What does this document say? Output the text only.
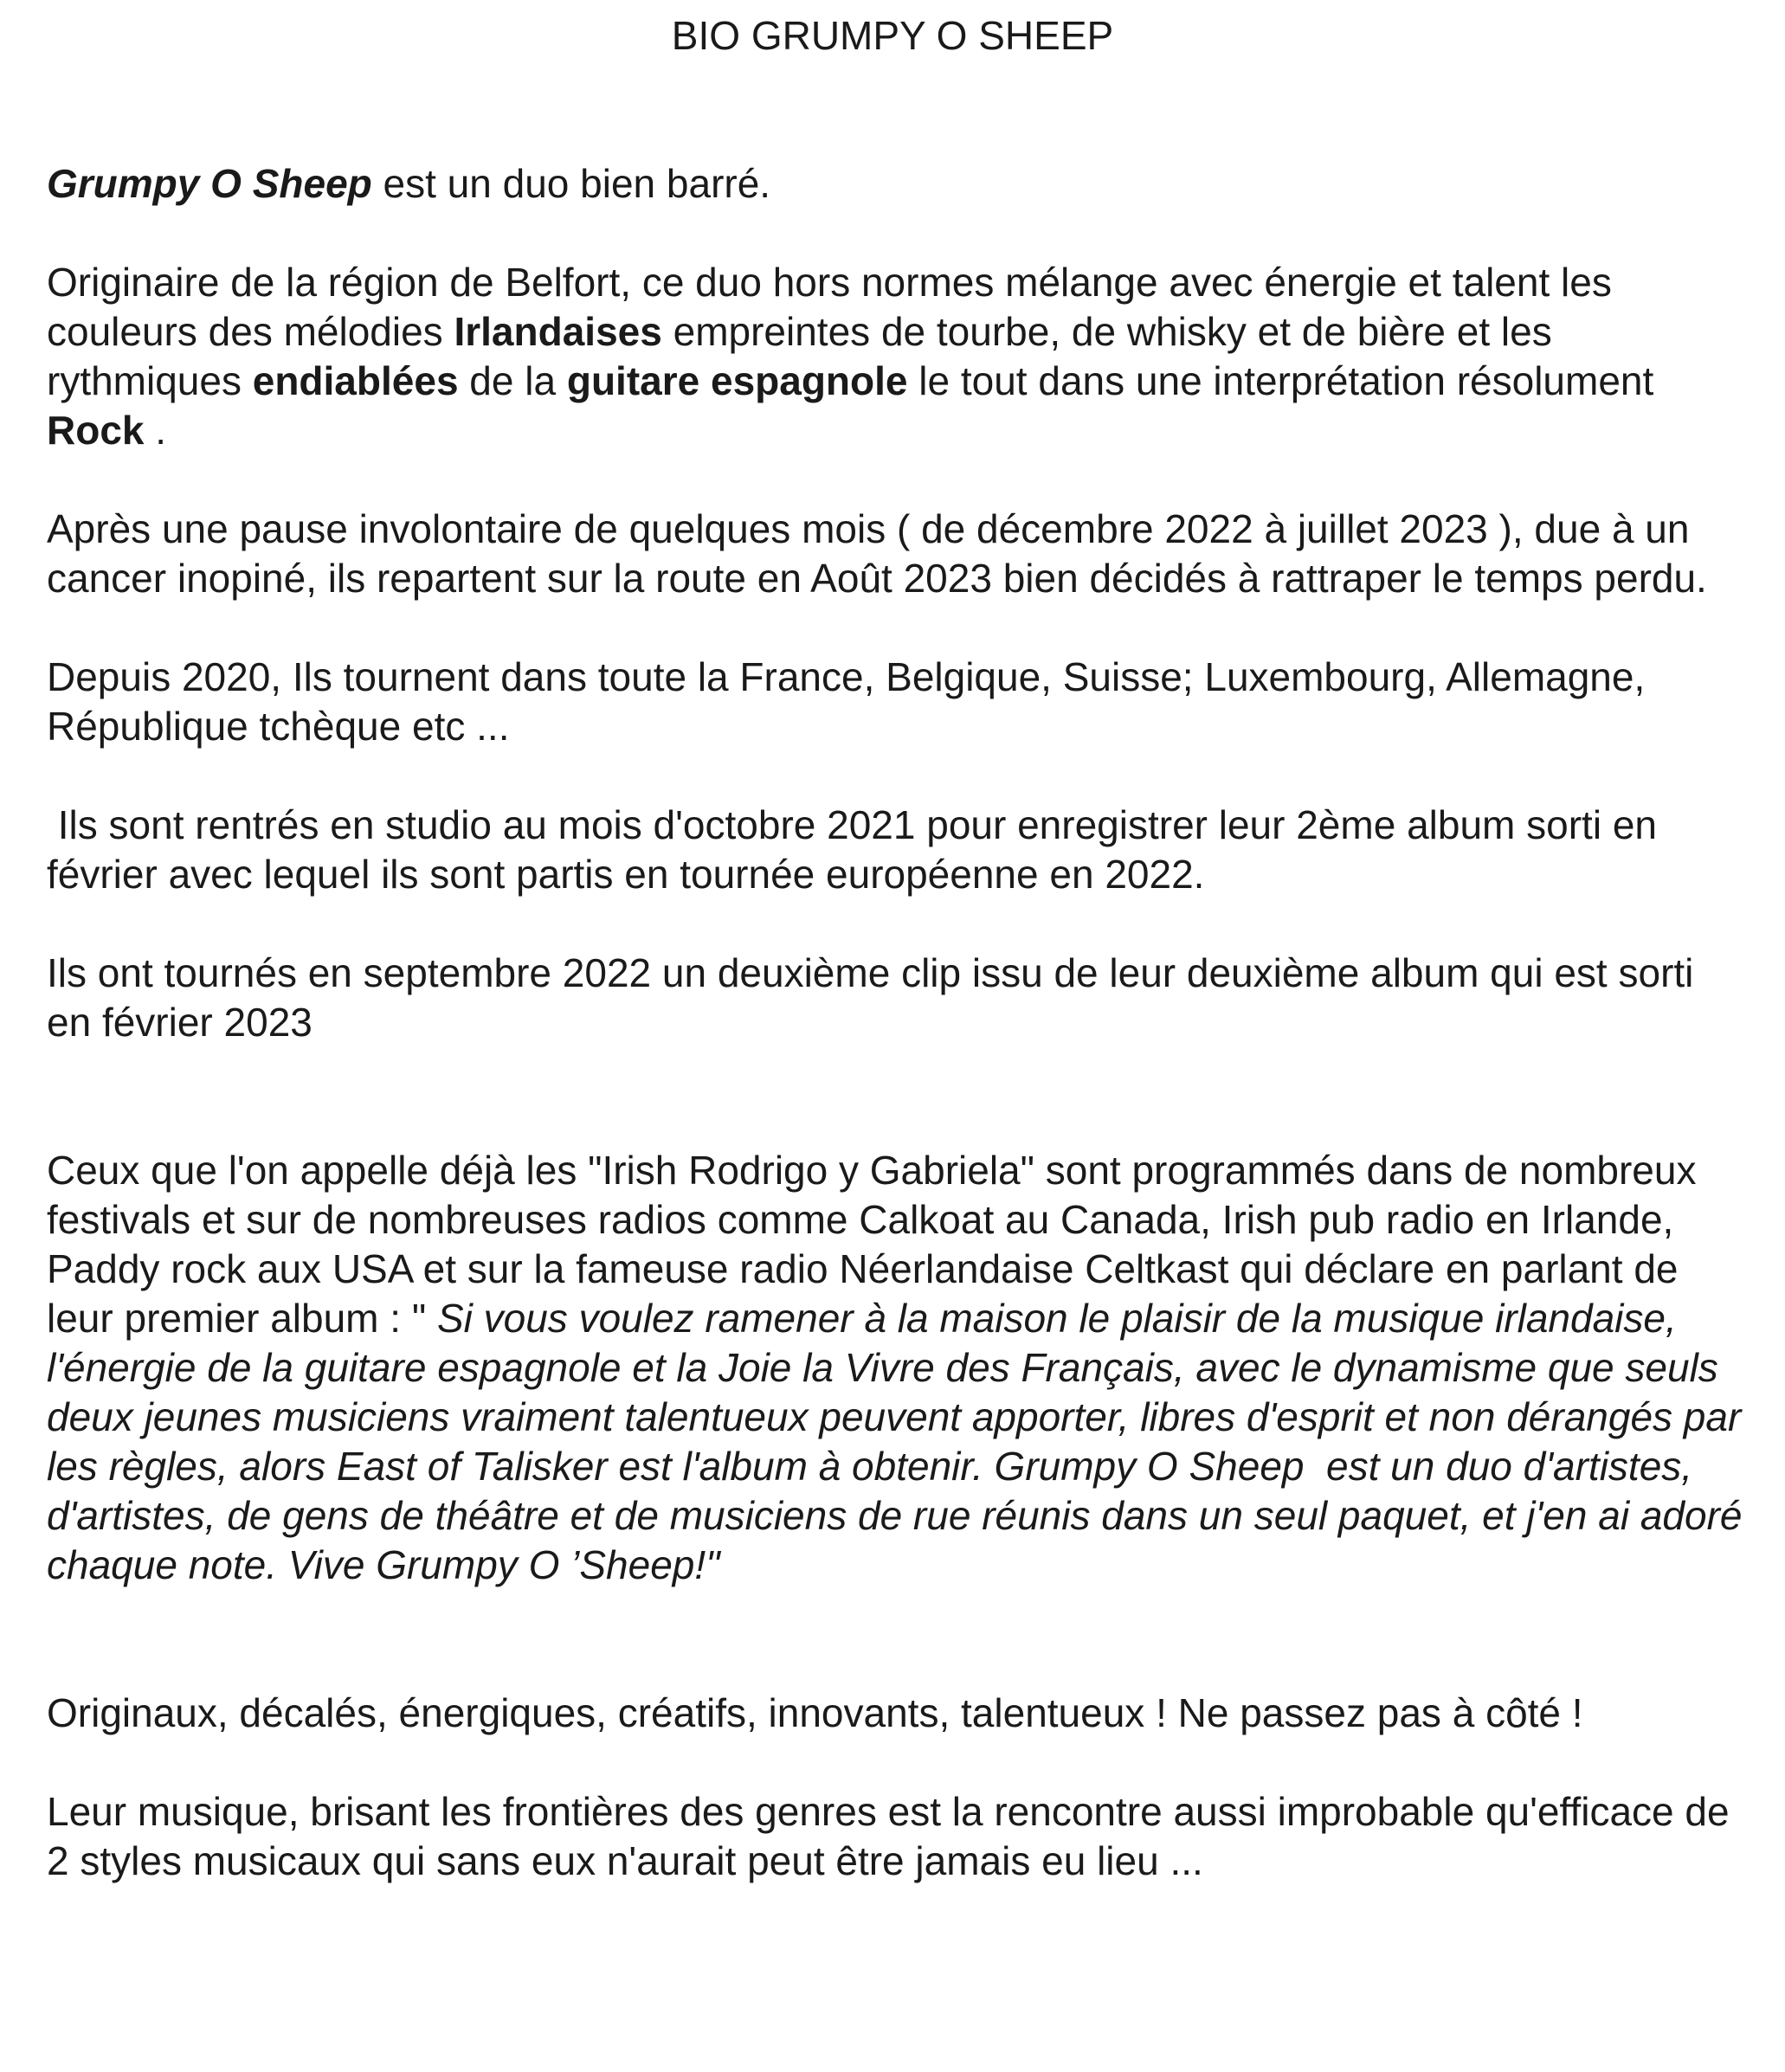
BIO GRUMPY O SHEEP

Grumpy O Sheep est un duo bien barré.

Originaire de la région de Belfort, ce duo hors normes mélange avec énergie et talent les couleurs des mélodies Irlandaises empreintes de tourbe, de whisky et de bière et les rythmiques endiablées de la guitare espagnole le tout dans une interprétation résolument Rock .

Après une pause involontaire de quelques mois ( de décembre 2022 à juillet 2023 ), due à un cancer inopiné, ils repartent sur la route en Août 2023 bien décidés à rattraper le temps perdu.

Depuis 2020, Ils tournent dans toute la France, Belgique, Suisse; Luxembourg, Allemagne, République tchèque etc ...

Ils sont rentrés en studio au mois d'octobre 2021 pour enregistrer leur 2ème album sorti en février avec lequel ils sont partis en tournée européenne en 2022.

Ils ont tournés en septembre 2022 un deuxième clip issu de leur deuxième album qui est sorti en février 2023

Ceux que l'on appelle déjà les "Irish Rodrigo y Gabriela" sont programmés dans de nombreux festivals et sur de nombreuses radios comme Calkoat au Canada, Irish pub radio en Irlande, Paddy rock aux USA et sur la fameuse radio Néerlandaise Celtkast qui déclare en parlant de leur premier album : " Si vous voulez ramener à la maison le plaisir de la musique irlandaise, l'énergie de la guitare espagnole et la Joie la Vivre des Français, avec le dynamisme que seuls deux jeunes musiciens vraiment talentueux peuvent apporter, libres d'esprit et non dérangés par les règles, alors East of Talisker est l'album à obtenir. Grumpy O Sheep  est un duo d'artistes, d'artistes, de gens de théâtre et de musiciens de rue réunis dans un seul paquet, et j'en ai adoré chaque note. Vive Grumpy O ’Sheep!"

Originaux, décalés, énergiques, créatifs, innovants, talentueux ! Ne passez pas à côté !

Leur musique, brisant les frontières des genres est la rencontre aussi improbable qu'efficace de 2 styles musicaux qui sans eux n'aurait peut être jamais eu lieu ...
